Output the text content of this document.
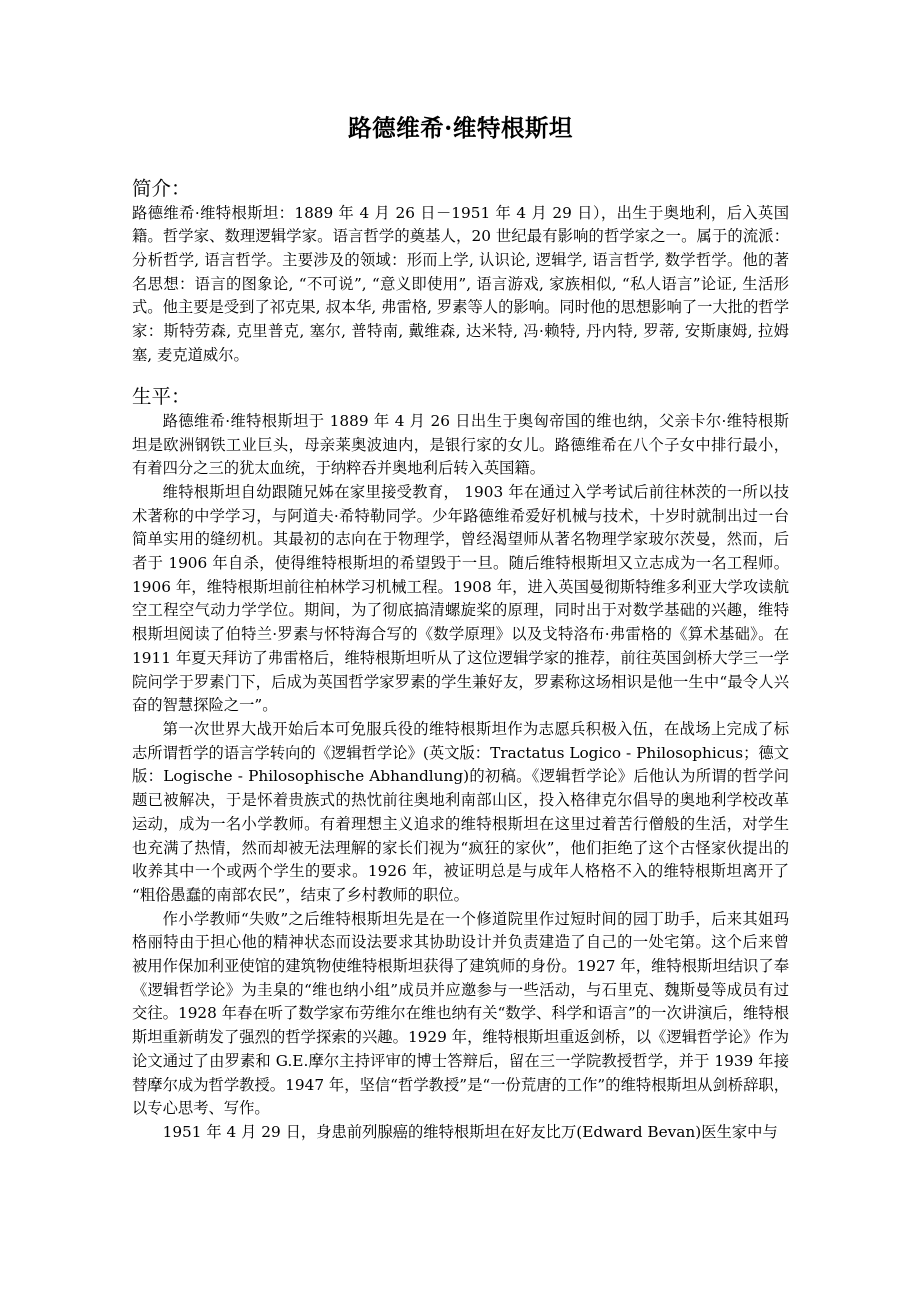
路德维希·维特根斯坦
简介：

路德维希·维特根斯坦：1889 年 4 月 26 日－1951 年 4 月 29 日），出生于奥地利，后入英国籍。哲学家、数理逻辑学家。语言哲学的奠基人，20 世纪最有影响的哲学家之一。属于的流派：分析哲学, 语言哲学。主要涉及的领域：形而上学, 认识论, 逻辑学, 语言哲学, 数学哲学。他的著名思想：语言的图象论, “不可说”, “意义即使用”, 语言游戏, 家族相似, “私人语言”论证, 生活形式。他主要是受到了祁克果, 叔本华, 弗雷格, 罗素等人的影响。同时他的思想影响了一大批的哲学家：斯特劳森, 克里普克, 塞尔, 普特南, 戴维森, 达米特, 冯·赖特, 丹内特, 罗蒂, 安斯康姆, 拉姆塞, 麦克道威尔。

生平：

路德维希·维特根斯坦于 1889 年 4 月 26 日出生于奥匈帝国的维也纳，父亲卡尔·维特根斯坦是欧洲钢铁工业巨头，母亲莱奥波迪内，是银行家的女儿。路德维希在八个子女中排行最小，有着四分之三的犹太血统，于纳粹吞并奥地利后转入英国籍。

维特根斯坦自幼跟随兄姊在家里接受教育， 1903 年在通过入学考试后前往林茨的一所以技术著称的中学学习，与阿道夫·希特勒同学。少年路德维希爱好机械与技术，十岁时就制出过一台简单实用的缝纫机。其最初的志向在于物理学，曾经渴望师从著名物理学家玻尔茨曼，然而，后者于 1906 年自杀，使得维特根斯坦的希望毁于一旦。随后维特根斯坦又立志成为一名工程师。1906 年，维特根斯坦前往柏林学习机械工程。1908 年，进入英国曼彻斯特维多利亚大学攻读航空工程空气动力学学位。期间，为了彻底搞清螺旋桨的原理，同时出于对数学基础的兴趣，维特根斯坦阅读了伯特兰·罗素与怀特海合写的《数学原理》以及戈特洛布·弗雷格的《算术基础》。在 1911 年夏天拜访了弗雷格后，维特根斯坦听从了这位逻辑学家的推荐，前往英国剑桥大学三一学院问学于罗素门下，后成为英国哲学家罗素的学生兼好友，罗素称这场相识是他一生中“最令人兴奋的智慧探险之一”。

第一次世界大战开始后本可免服兵役的维特根斯坦作为志愿兵积极入伍，在战场上完成了标志所谓哲学的语言学转向的《逻辑哲学论》(英文版：Tractatus Logico - Philosophicus；德文版：Logische - Philosophische Abhandlung)的初稿。《逻辑哲学论》后他认为所谓的哲学问题已被解决，于是怀着贵族式的热忱前往奥地利南部山区，投入格律克尔倡导的奥地利学校改革运动，成为一名小学教师。有着理想主义追求的维特根斯坦在这里过着苦行僧般的生活，对学生也充满了热情，然而却被无法理解的家长们视为“疯狂的家伙”，他们拒绝了这个古怪家伙提出的收养其中一个或两个学生的要求。1926 年，被证明总是与成年人格格不入的维特根斯坦离开了“粗俗愚蠢的南部农民”，结束了乡村教师的职位。

作小学教师“失败”之后维特根斯坦先是在一个修道院里作过短时间的园丁助手，后来其姐玛格丽特由于担心他的精神状态而设法要求其协助设计并负责建造了自己的一处宅第。这个后来曾被用作保加利亚使馆的建筑物使维特根斯坦获得了建筑师的身份。1927 年，维特根斯坦结识了奉《逻辑哲学论》为圭臬的“维也纳小组”成员并应邀参与一些活动，与石里克、魏斯曼等成员有过交往。1928 年春在听了数学家布劳维尔在维也纳有关“数学、科学和语言”的一次讲演后，维特根斯坦重新萌发了强烈的哲学探索的兴趣。1929 年，维特根斯坦重返剑桥，以《逻辑哲学论》作为论文通过了由罗素和 G.E.摩尔主持评审的博士答辩后，留在三一学院教授哲学，并于 1939 年接替摩尔成为哲学教授。1947 年，坚信“哲学教授”是“一份荒唐的工作”的维特根斯坦从剑桥辞职，以专心思考、写作。

1951 年 4 月 29 日，身患前列腺癌的维特根斯坦在好友比万(Edward Bevan)医生家中与
